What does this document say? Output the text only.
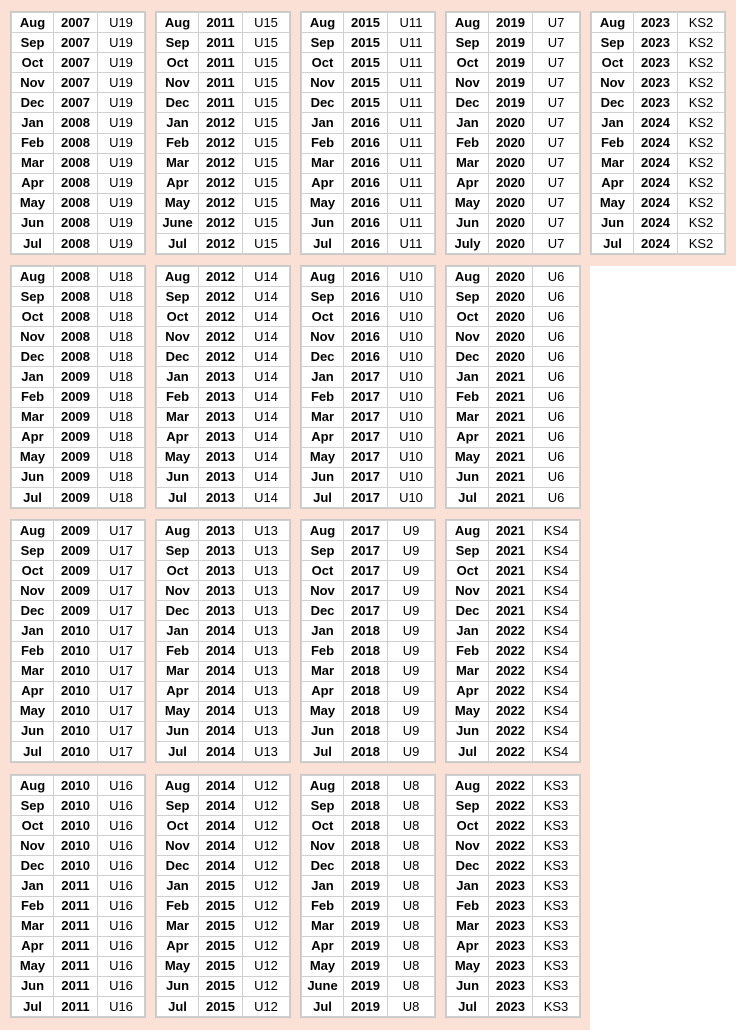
Aug	2007	U19
Sep	2007	U19
Oct	2007	U19
Nov	2007	U19
Dec	2007	U19
Jan	2008	U19
Feb	2008	U19
Mar	2008	U19
Apr	2008	U19
May	2008	U19
Jun	2008	U19
Jul	2008	U19
Aug	2011	U15
Sep	2011	U15
Oct	2011	U15
Nov	2011	U15
Dec	2011	U15
Jan	2012	U15
Feb	2012	U15
Mar	2012	U15
Apr	2012	U15
May	2012	U15
June	2012	U15
Jul	2012	U15
Aug	2015	U11
Sep	2015	U11
Oct	2015	U11
Nov	2015	U11
Dec	2015	U11
Jan	2016	U11
Feb	2016	U11
Mar	2016	U11
Apr	2016	U11
May	2016	U11
Jun	2016	U11
Jul	2016	U11
Aug	2019	U7
Sep	2019	U7
Oct	2019	U7
Nov	2019	U7
Dec	2019	U7
Jan	2020	U7
Feb	2020	U7
Mar	2020	U7
Apr	2020	U7
May	2020	U7
Jun	2020	U7
July	2020	U7
Aug	2023	KS2
Sep	2023	KS2
Oct	2023	KS2
Nov	2023	KS2
Dec	2023	KS2
Jan	2024	KS2
Feb	2024	KS2
Mar	2024	KS2
Apr	2024	KS2
May	2024	KS2
Jun	2024	KS2
Jul	2024	KS2
Aug	2008	U18
Sep	2008	U18
Oct	2008	U18
Nov	2008	U18
Dec	2008	U18
Jan	2009	U18
Feb	2009	U18
Mar	2009	U18
Apr	2009	U18
May	2009	U18
Jun	2009	U18
Jul	2009	U18
Aug	2012	U14
Sep	2012	U14
Oct	2012	U14
Nov	2012	U14
Dec	2012	U14
Jan	2013	U14
Feb	2013	U14
Mar	2013	U14
Apr	2013	U14
May	2013	U14
Jun	2013	U14
Jul	2013	U14
Aug	2016	U10
Sep	2016	U10
Oct	2016	U10
Nov	2016	U10
Dec	2016	U10
Jan	2017	U10
Feb	2017	U10
Mar	2017	U10
Apr	2017	U10
May	2017	U10
Jun	2017	U10
Jul	2017	U10
Aug	2020	U6
Sep	2020	U6
Oct	2020	U6
Nov	2020	U6
Dec	2020	U6
Jan	2021	U6
Feb	2021	U6
Mar	2021	U6
Apr	2021	U6
May	2021	U6
Jun	2021	U6
Jul	2021	U6
Aug	2009	U17
Sep	2009	U17
Oct	2009	U17
Nov	2009	U17
Dec	2009	U17
Jan	2010	U17
Feb	2010	U17
Mar	2010	U17
Apr	2010	U17
May	2010	U17
Jun	2010	U17
Jul	2010	U17
Aug	2013	U13
Sep	2013	U13
Oct	2013	U13
Nov	2013	U13
Dec	2013	U13
Jan	2014	U13
Feb	2014	U13
Mar	2014	U13
Apr	2014	U13
May	2014	U13
Jun	2014	U13
Jul	2014	U13
Aug	2017	U9
Sep	2017	U9
Oct	2017	U9
Nov	2017	U9
Dec	2017	U9
Jan	2018	U9
Feb	2018	U9
Mar	2018	U9
Apr	2018	U9
May	2018	U9
Jun	2018	U9
Jul	2018	U9
Aug	2021	KS4
Sep	2021	KS4
Oct	2021	KS4
Nov	2021	KS4
Dec	2021	KS4
Jan	2022	KS4
Feb	2022	KS4
Mar	2022	KS4
Apr	2022	KS4
May	2022	KS4
Jun	2022	KS4
Jul	2022	KS4
Aug	2010	U16
Sep	2010	U16
Oct	2010	U16
Nov	2010	U16
Dec	2010	U16
Jan	2011	U16
Feb	2011	U16
Mar	2011	U16
Apr	2011	U16
May	2011	U16
Jun	2011	U16
Jul	2011	U16
Aug	2014	U12
Sep	2014	U12
Oct	2014	U12
Nov	2014	U12
Dec	2014	U12
Jan	2015	U12
Feb	2015	U12
Mar	2015	U12
Apr	2015	U12
May	2015	U12
Jun	2015	U12
Jul	2015	U12
Aug	2018	U8
Sep	2018	U8
Oct	2018	U8
Nov	2018	U8
Dec	2018	U8
Jan	2019	U8
Feb	2019	U8
Mar	2019	U8
Apr	2019	U8
May	2019	U8
June	2019	U8
Jul	2019	U8
Aug	2022	KS3
Sep	2022	KS3
Oct	2022	KS3
Nov	2022	KS3
Dec	2022	KS3
Jan	2023	KS3
Feb	2023	KS3
Mar	2023	KS3
Apr	2023	KS3
May	2023	KS3
Jun	2023	KS3
Jul	2023	KS3
